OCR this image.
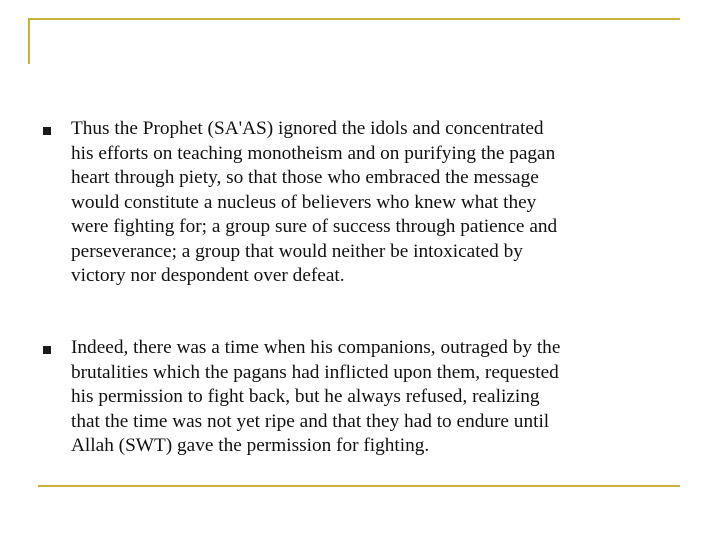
Thus the Prophet (SA'AS) ignored the idols and concentrated
his efforts on teaching monotheism and on purifying the pagan
heart through piety, so that those who embraced the message
would constitute a nucleus of believers who knew what they
were fighting for; a group sure of success through patience and
perseverance; a group that would neither be intoxicated by
victory nor despondent over defeat.

Indeed, there was a time when his companions, outraged by the
brutalities which the pagans had inflicted upon them, requested
his permission to fight back, but he always refused, realizing
that the time was not yet ripe and that they had to endure until
Allah (SWT) gave the permission for fighting.
